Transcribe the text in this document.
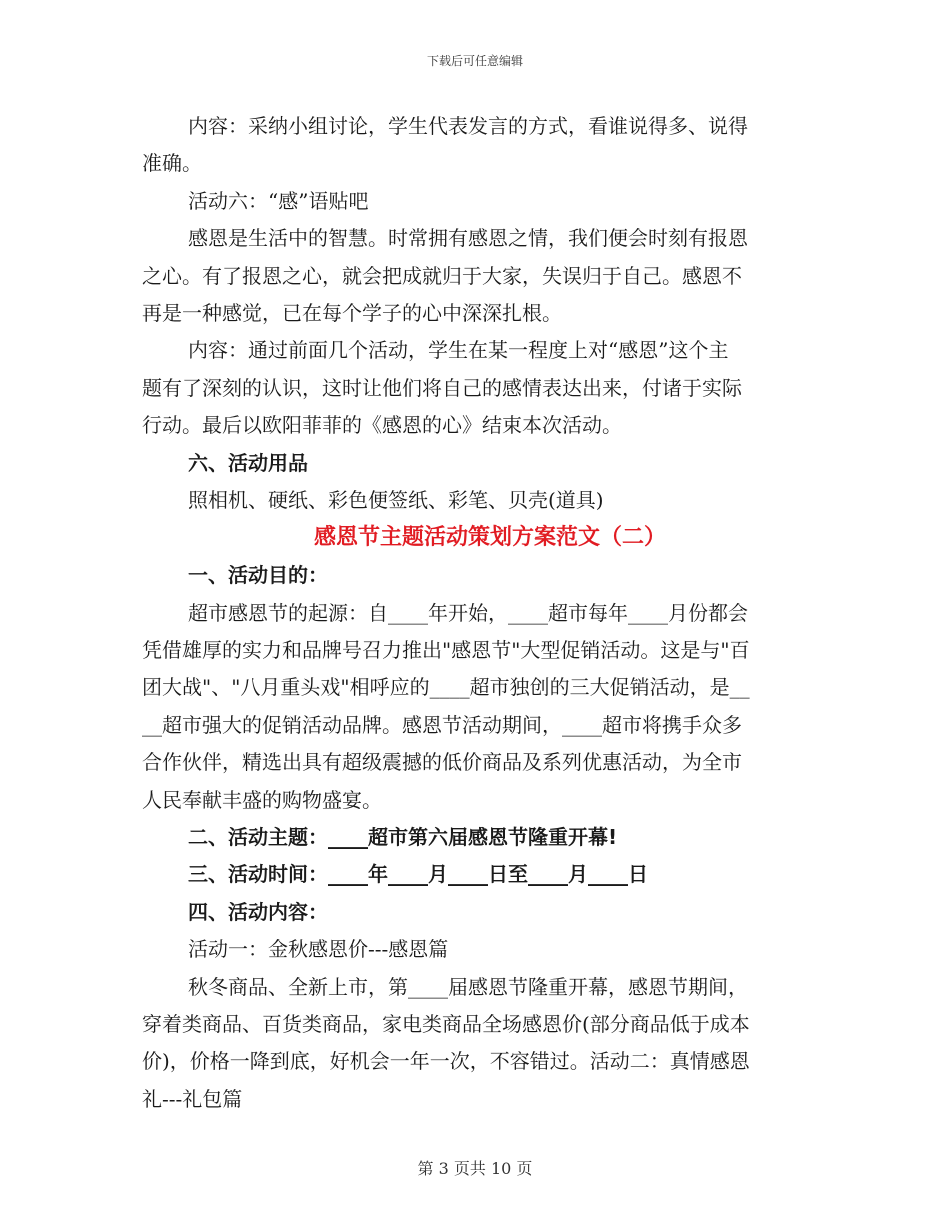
下载后可任意编辑
内容：采纳小组讨论，学生代表发言的方式，看谁说得多、说得
准确。
活动六：“感”语贴吧
感恩是生活中的智慧。时常拥有感恩之情，我们便会时刻有报恩
之心。有了报恩之心，就会把成就归于大家，失误归于自己。感恩不
再是一种感觉，已在每个学子的心中深深扎根。
内容：通过前面几个活动，学生在某一程度上对“感恩”这个主
题有了深刻的认识，这时让他们将自己的感情表达出来，付诸于实际
行动。最后以欧阳菲菲的《感恩的心》结束本次活动。
六、活动用品
照相机、硬纸、彩色便签纸、彩笔、贝壳(道具)
感恩节主题活动策划方案范文（二）
一、活动目的：
超市感恩节的起源：自____年开始，____超市每年____月份都会
凭借雄厚的实力和品牌号召力推出"感恩节"大型促销活动。这是与"百
团大战"、"八月重头戏"相呼应的____超市独创的三大促销活动，是__
__超市强大的促销活动品牌。感恩节活动期间，____超市将携手众多
合作伙伴，精选出具有超级震撼的低价商品及系列优惠活动，为全市
人民奉献丰盛的购物盛宴。
二、活动主题：____超市第六届感恩节隆重开幕!
三、活动时间：____年____月____日至____月____日
四、活动内容：
活动一：金秋感恩价---感恩篇
秋冬商品、全新上市，第____届感恩节隆重开幕，感恩节期间，
穿着类商品、百货类商品，家电类商品全场感恩价(部分商品低于成本
价)，价格一降到底，好机会一年一次，不容错过。活动二：真情感恩
礼---礼包篇
第 3 页共 10 页
